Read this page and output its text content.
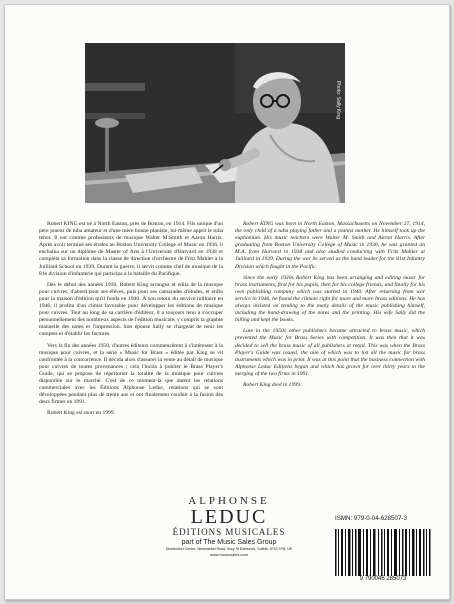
Photo: Sally King

Robert KING est né à North Easton, près de Boston, en 1914. Fils unique d'un père joueur de tuba amateur et d'une mère bonne pianiste, lui-même apprit le tuba ténor. Il eut comme professeurs de musique Walter M.Smith et Aaron Harris. Après avoir terminé ses études au Boston University College of Music en 1936, il enchaîna sur un diplôme de Master of Arts à l'Université d'Harvard en 1938 et compléta sa formation dans la classe de direction d'orchestre de Fritz Mahler à la Juilliard School en 1939. Durant la guerre, il servit comme chef de musique de la 81e division d'infanterie qui participa à la bataille du Pacifique.

Dès le début des années 1930, Robert King arrangea et édita de la musique pour cuivres, d'abord pour ses élèves, puis pour ses camarades d'études, et enfin pour la maison d'édition qu'il fonda en 1940. À son retour du service militaire en 1946, il profita d'un climat favorable pour développer les éditions de musique pour cuivres. Tout au long de sa carrière d'éditeur, il a toujours tenu à s'occuper personnellement des nombreux aspects de l'édition musicale, y compris la graphie manuelle des notes et l'impression. Son épouse Sally se chargeait de tenir les comptes et d'établir les factures.

Vers la fin des années 1950, d'autres éditeurs commencèrent à s'intéresser à la musique pour cuivres, et la série « Music for Brass » éditée par King se vit confrontée à la concurrence. Il décida alors d'assurer la vente au détail de musique pour cuivres de toutes provenances ; cela l'incita à publier le Brass Player's Guide, qui se propose de répertorier la totalité de la musique pour cuivres disponible sur le marché. C'est de ce moment-là que datent les relations commerciales avec les Éditions Alphonse Leduc, relations qui se sont développées pendant plus de trente ans et ont finalement conduit à la fusion des deux firmes en 1991.

Robert King est mort en 1999.

Robert KING was born in North Easton, Massachusetts on November 27, 1914, the only child of a tuba playing father and a pianist mother. He himself took up the euphonium. His music teachers were Walter M. Smith and Aaron Harris. After graduating from Boston University College of Music in 1936, he was granted an M.A. from Harvard in 1938 and also studied conducting with Fritz Mahler at Juilliard in 1939. During the war he served as the band leader for the 81st Infantry Division which fought in the Pacific.

Since the early 1930s Robert King has been arranging and editing music for brass instruments, first for his pupils, then for his college friends, and finally for his own publishing company which was started in 1940. After returning from war service in 1946, he found the climate right for more and more brass editions. He has always insisted on tending to the many details of the music publishing himself, including the hand-drawing of the notes and the printing. His wife Sally did the billing and kept the books.

Late in the 1950s other publishers became attracted to brass music, which prevented the Music for Brass Series with competition. It was then that it was decided to sell the brass music of all publishers at retail. This was when the Brass Player's Guide was issued, the aim of which was to list all the music for brass instruments which was in print. It was at this point that the business connection with Alphonse Leduc Editions began and which has grown for over thirty years to the merging of the two firms in 1991.

Robert King died in 1999.

ALPHONSE
LEDUC
ÉDITIONS MUSICALES
part of The Music Sales Group
Distribution Centre, Newmarket Road, Bury St Edmunds, Suffolk, IP33 3YB, UK
www.musicsales.com
ISMN: 979-0-04-628507-3
9 790046 285073
